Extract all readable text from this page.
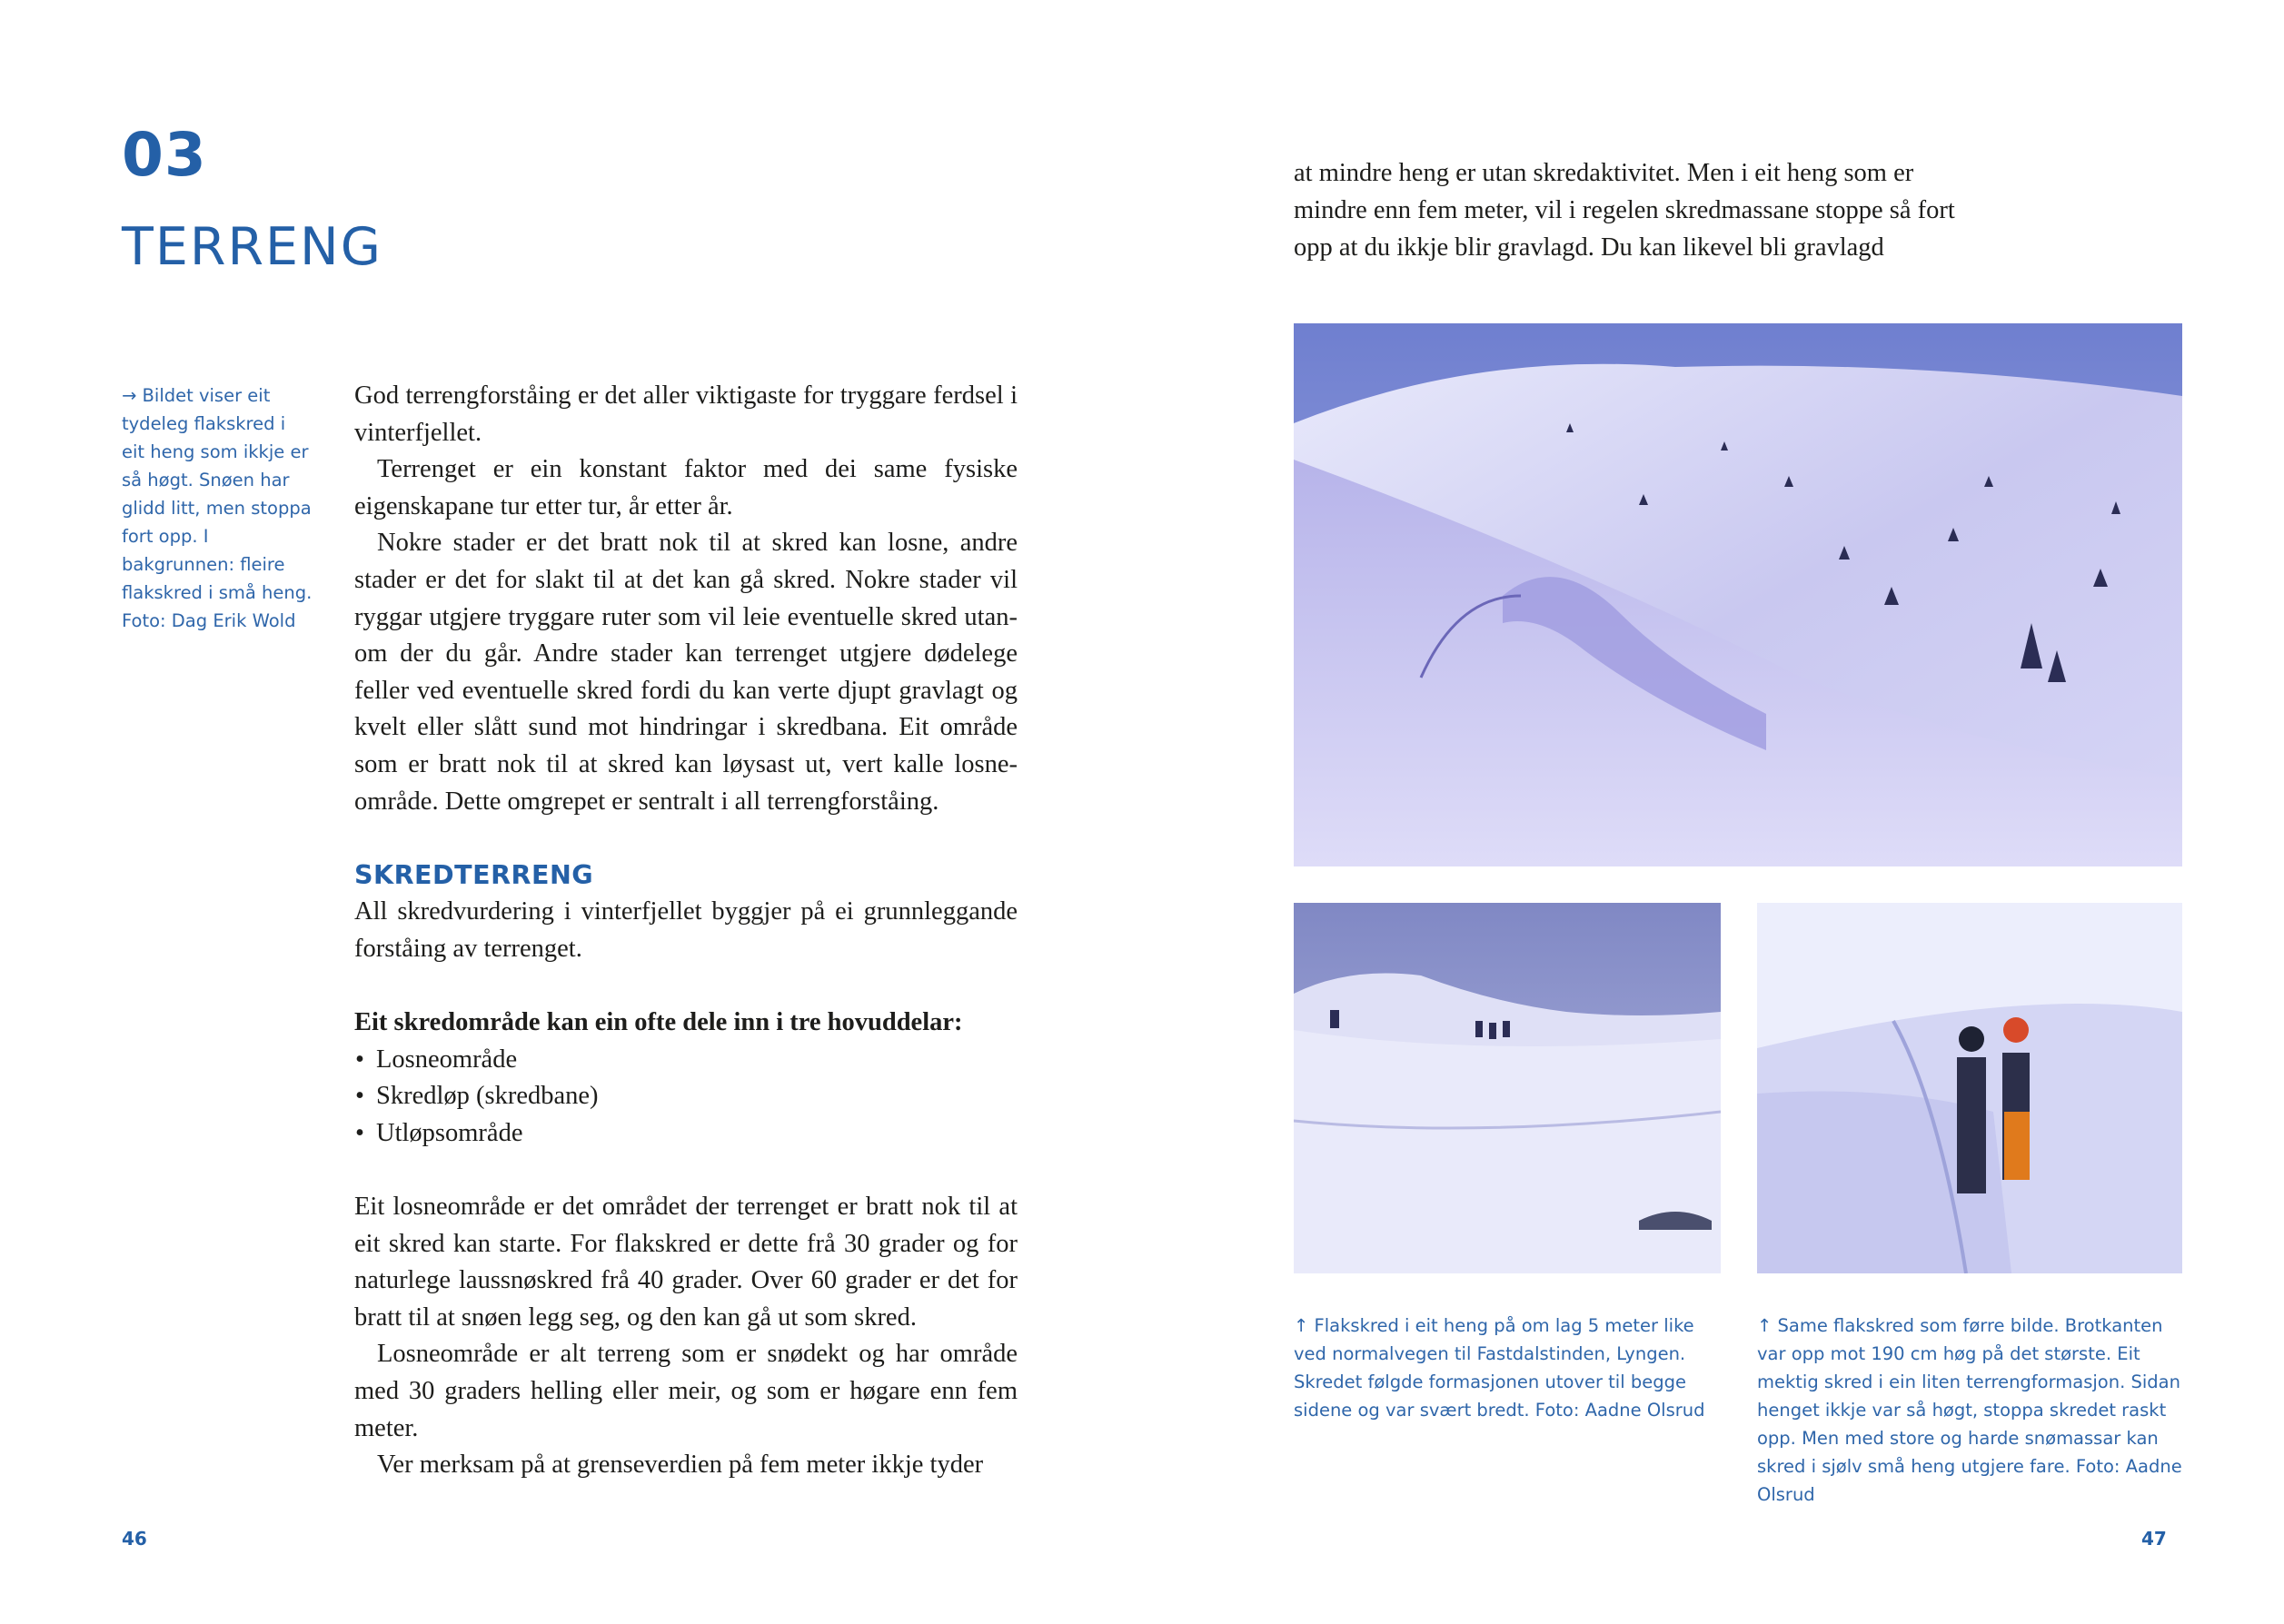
03
TERRENG
→ Bildet viser eit tydeleg flakskred i eit heng som ikkje er så høgt. Snøen har glidd litt, men stoppa fort opp. I bakgrunnen: fleire flakskred i små heng. Foto: Dag Erik Wold

God terrengforståing er det aller viktigaste for tryggare ferdsel i vinterfjellet.

Terrenget er ein konstant faktor med dei same fysiske eigenskapane tur etter tur, år etter år.

Nokre stader er det bratt nok til at skred kan losne, andre stader er det for slakt til at det kan gå skred. Nokre stader vil ryggar utgjere tryggare ruter som vil leie eventuelle skred utanom der du går. Andre stader kan terrenget utgjere dødelege feller ved eventuelle skred fordi du kan verte djupt gravlagt og kvelt eller slått sund mot hindringar i skredbana. Eit område som er bratt nok til at skred kan løysast ut, vert kalle losneområde. Dette omgrepet er sentralt i all terrengforståing.

SKREDTERRENG

All skredvurdering i vinterfjellet byggjer på ei grunnleggande forståing av terrenget.

Eit skredområde kan ein ofte dele inn i tre hovuddelar:

• Losneområde
• Skredløp (skredbane)
• Utløpsområde

Eit losneområde er det området der terrenget er bratt nok til at eit skred kan starte. For flakskred er dette frå 30 grader og for naturlege laussnøskred frå 40 grader. Over 60 grader er det for bratt til at snøen legg seg, og den kan gå ut som skred.

Losneområde er alt terreng som er snødekt og har område med 30 graders helling eller meir, og som er høgare enn fem meter.

Ver merksam på at grenseverdien på fem meter ikkje tyder

46
at mindre heng er utan skredaktivitet. Men i eit heng som er mindre enn fem meter, vil i regelen skredmassane stoppe så fort opp at du ikkje blir gravlagd. Du kan likevel bli gravlagd
↑ Flakskred i eit heng på om lag 5 meter like ved normalvegen til Fastdalstinden, Lyngen. Skredet følgde formasjonen utover til begge sidene og var svært bredt. Foto: Aadne Olsrud
↑ Same flakskred som førre bilde. Brotkanten var opp mot 190 cm høg på det største. Eit mektig skred i ein liten terrengformasjon. Sidan henget ikkje var så høgt, stoppa skredet raskt opp. Men med store og harde snømassar kan skred i sjølv små heng utgjere fare. Foto: Aadne Olsrud
47
